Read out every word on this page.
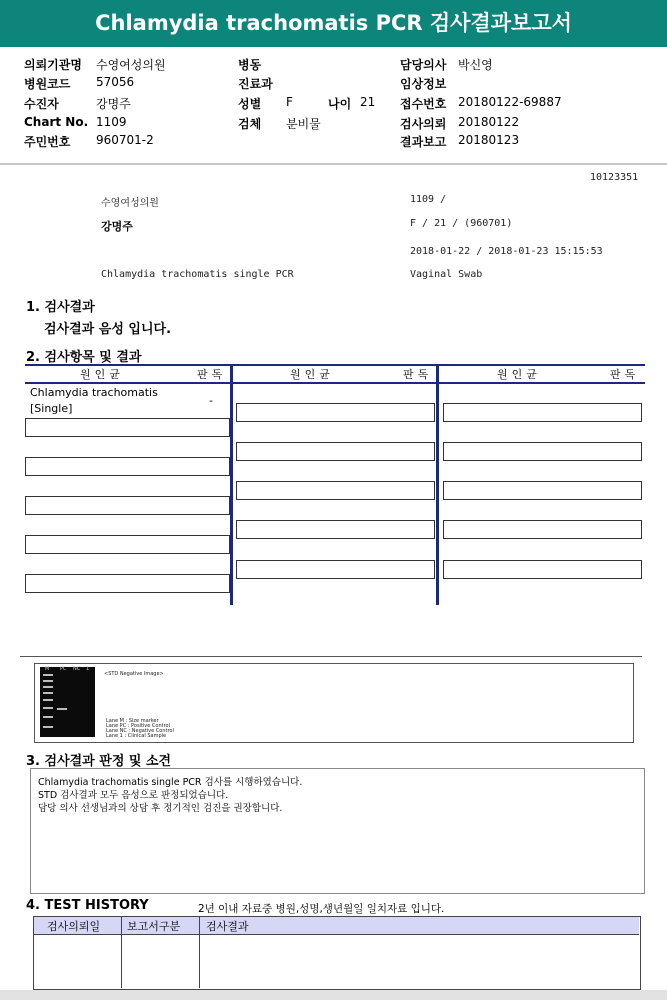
Chlamydia trachomatis PCR 검사결과보고서
의뢰기관명 수영여성의원
병원코드 57056
수진자	강명주
Chart No. 1109
주민번호 960701-2
병동
진료과
성별 F	나이 21
검체 분비물
담당의사 박신영
임상정보
접수번호 20180122-69887
검사의뢰 20180122
결과보고 20180123
10123351
수영여성의원	1109 /
강명주	F / 21 / (960701)
2018-01-22 / 2018-01-23 15:15:53
Chlamydia trachomatis single PCR	Vaginal Swab
1. 검사결과
검사결과 음성 입니다.
2. 검사항목 및 결과
원인균	판독	원인균	판독	원인균	판독
Chlamydia trachomatis
[Single]
-
M PC NC 1
<STD Negative Image>
Lane M : Size marker
Lane PC : Positive Control
Lane NC : Negative Control
Lane 1 : Clinical Sample
3. 검사결과 판정 및 소견
Chlamydia trachomatis single PCR 검사를 시행하였습니다.
STD 검사결과 모두 음성으로 판정되었습니다.
담당 의사 선생님과의 상담 후 정기적인 검진을 권장합니다.
4. TEST HISTORY	2년 이내 자료중 병원,성명,생년월일 일치자료 입니다.
검사의뢰일 보고서구분 검사결과
